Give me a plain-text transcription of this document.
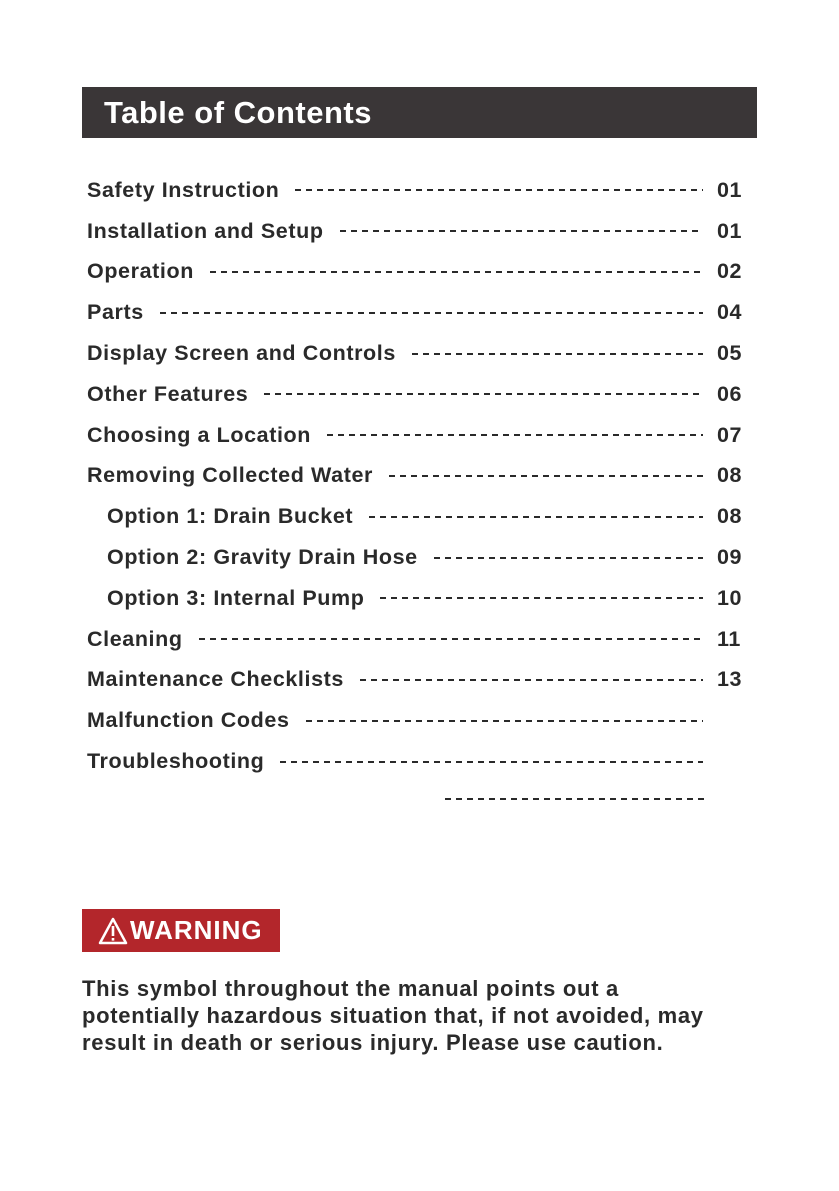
Table of Contents
Safety Instruction	01
Installation and Setup	01
Operation	02
Parts	04
Display Screen and Controls	05
Other Features	06
Choosing a Location	07
Removing Collected Water	08
Option 1: Drain Bucket	08
Option 2: Gravity Drain Hose	09
Option 3: Internal Pump	10
Cleaning	11
Maintenance Checklists	13
Malfunction Codes
Troubleshooting
WARNING

This symbol throughout the manual points out a potentially hazardous situation that, if not avoided, may result in death or serious injury. Please use caution.
